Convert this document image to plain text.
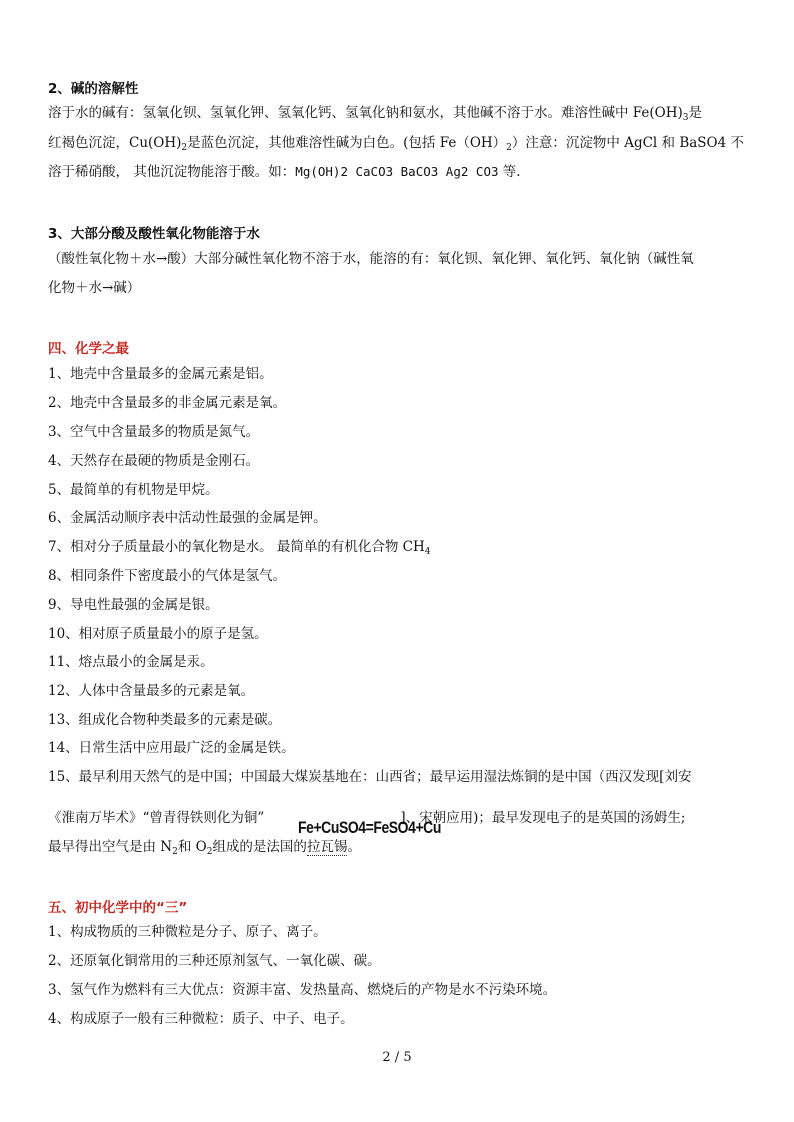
2、碱的溶解性
溶于水的碱有：氢氧化钡、氢氧化钾、氢氧化钙、氢氧化钠和氨水，其他碱不溶于水。难溶性碱中 $Fe(OH)_3$是
红褐色沉淀，$Cu(OH)_2$是蓝色沉淀，其他难溶性碱为白色。(包括 $Fe(OH)_2$）注意：沉淀物中 AgCl 和 BaSO4 不
溶于稀硝酸， 其他沉淀物能溶于酸。如：Mg(OH)2 CaCO3 BaCO3 Ag2 CO3 等.
3、大部分酸及酸性氧化物能溶于水
（酸性氧化物＋水→酸）大部分碱性氧化物不溶于水，能溶的有：氧化钡、氧化钾、氧化钙、氧化钠（碱性氧
化物＋水→碱）
四、化学之最
1、地壳中含量最多的金属元素是铝。
2、地壳中含量最多的非金属元素是氧。
3、空气中含量最多的物质是氮气。
4、天然存在最硬的物质是金刚石。
5、最简单的有机物是甲烷。
6、金属活动顺序表中活动性最强的金属是钾。
7、相对分子质量最小的氧化物是水。 最简单的有机化合物 $CH_4$
8、相同条件下密度最小的气体是氢气。
9、导电性最强的金属是银。
10、相对原子质量最小的原子是氢。
11、熔点最小的金属是汞。
12、人体中含量最多的元素是氧。
13、组成化合物种类最多的元素是碳。
14、日常生活中应用最广泛的金属是铁。
15、最早利用天然气的是中国；中国最大煤炭基地在：山西省；最早运用湿法炼铜的是中国（西汉发现[刘安
《淮南万毕术》“曾青得铁则化为铜”	]、宋朝应用)；最早发现电子的是英国的汤姆生;
Fe+CuSO4=FeSO4+Cu
最早得出空气是由 $N_2$和 $O_2$组成的是法国的拉瓦锡。
五、初中化学中的“三”
1、构成物质的三种微粒是分子、原子、离子。
2、还原氧化铜常用的三种还原剂氢气、一氧化碳、碳。
3、氢气作为燃料有三大优点：资源丰富、发热量高、燃烧后的产物是水不污染环境。
4、构成原子一般有三种微粒：质子、中子、电子。
2 / 5
